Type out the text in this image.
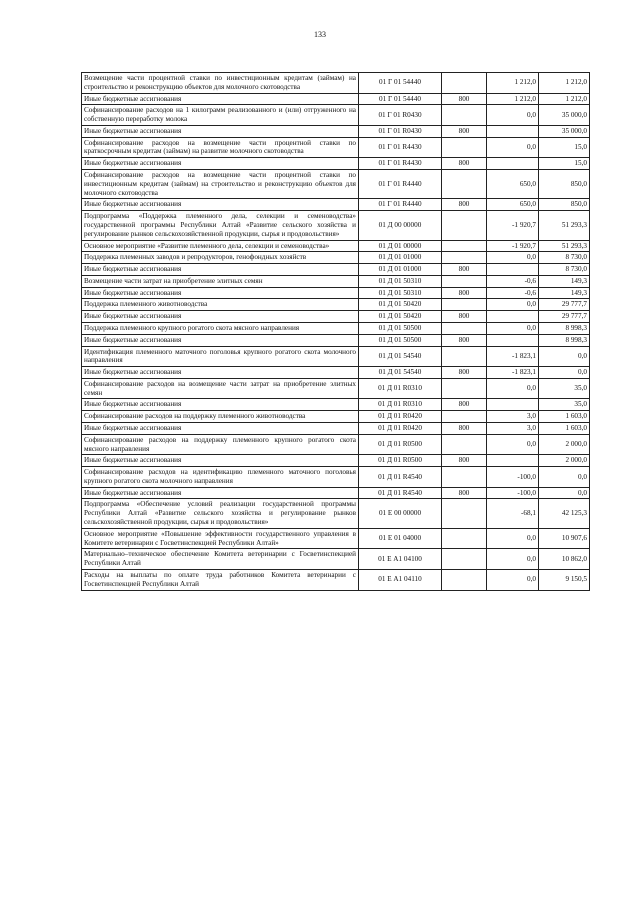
133
Возмещение части процентной ставки по инвестиционным кредитам (займам) на строительство и реконструкцию объектов для молочного скотоводства	01 Г 01 54440		1 212,0	1 212,0
Иные бюджетные ассигнования	01 Г 01 54440	800	1 212,0	1 212,0
Софинансирование расходов на 1 килограмм реализованного и (или) отгруженного на собственную переработку молока	01 Г 01 R0430		0,0	35 000,0
Иные бюджетные ассигнования	01 Г 01 R0430	800		35 000,0
Софинансирование расходов на возмещение части процентной ставки по краткосрочным кредитам (займам) на развитие молочного скотоводства	01 Г 01 R4430		0,0	15,0
Иные бюджетные ассигнования	01 Г 01 R4430	800		15,0
Софинансирование расходов на возмещение части процентной ставки по инвестиционным кредитам (займам) на строительство и реконструкцию объектов для молочного скотоводства	01 Г 01 R4440		650,0	850,0
Иные бюджетные ассигнования	01 Г 01 R4440	800	650,0	850,0
Подпрограмма «Поддержка племенного дела, селекции и семеноводства» государственной программы Республики Алтай «Развитие сельского хозяйства и регулирование рынков сельскохозяйственной продукции, сырья и продовольствия»	01 Д 00 00000		-1 920,7	51 293,3
Основное мероприятие «Развитие племенного дела, селекции и семеноводства»	01 Д 01 00000		-1 920,7	51 293,3
Поддержка племенных заводов и репродукторов, генофондных хозяйств	01 Д 01 01000		0,0	8 730,0
Иные бюджетные ассигнования	01 Д 01 01000	800		8 730,0
Возмещение части затрат на приобретение элитных семян	01 Д 01 50310		-0,6	149,3
Иные бюджетные ассигнования	01 Д 01 50310	800	-0,6	149,3
Поддержка племенного животноводства	01 Д 01 50420		0,0	29 777,7
Иные бюджетные ассигнования	01 Д 01 50420	800		29 777,7
Поддержка племенного крупного рогатого скота мясного направления	01 Д 01 50500		0,0	8 998,3
Иные бюджетные ассигнования	01 Д 01 50500	800		8 998,3
Идентификация племенного маточного поголовья крупного рогатого скота молочного направления	01 Д 01 54540		-1 823,1	0,0
Иные бюджетные ассигнования	01 Д 01 54540	800	-1 823,1	0,0
Софинансирование расходов на возмещение части затрат на приобретение элитных семян	01 Д 01 R0310		0,0	35,0
Иные бюджетные ассигнования	01 Д 01 R0310	800		35,0
Софинансирование расходов на поддержку племенного животноводства	01 Д 01 R0420		3,0	1 603,0
Иные бюджетные ассигнования	01 Д 01 R0420	800	3,0	1 603,0
Софинансирование расходов на поддержку племенного крупного рогатого скота мясного направления	01 Д 01 R0500		0,0	2 000,0
Иные бюджетные ассигнования	01 Д 01 R0500	800		2 000,0
Софинансирование расходов на идентификацию племенного маточного поголовья крупного рогатого скота молочного направления	01 Д 01 R4540		-100,0	0,0
Иные бюджетные ассигнования	01 Д 01 R4540	800	-100,0	0,0
Подпрограмма «Обеспечение условий реализации государственной программы Республики Алтай «Развитие сельского хозяйства и регулирование рынков сельскохозяйственной продукции, сырья и продовольствия»	01 Е 00 00000		-68,1	42 125,3
Основное мероприятие «Повышение эффективности государственного управления в Комитете ветеринарии с Госветинспекцией Республики Алтай»	01 Е 01 04000		0,0	10 907,6
Материально–техническое обеспечение Комитета ветеринарии с Госветинспекцией Республики Алтай	01 Е А1 04100		0,0	10 862,0
Расходы на выплаты по оплате труда работников Комитета ветеринарии с Госветинспекцией Республики Алтай	01 Е А1 04110		0,0	9 150,5
